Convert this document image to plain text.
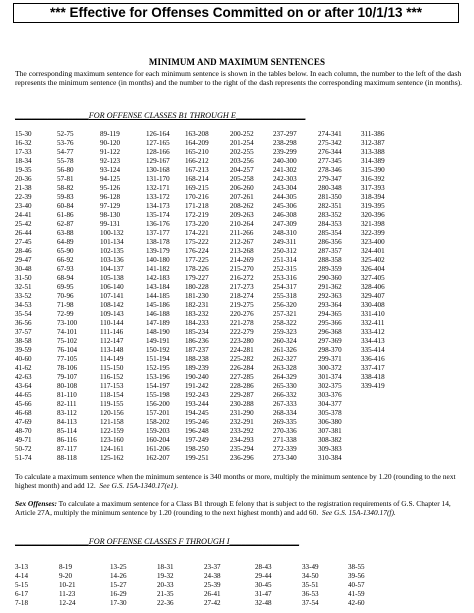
*** Effective for Offenses Committed on or after 10/1/13 ***
MINIMUM AND MAXIMUM SENTENCES
The corresponding maximum sentence for each minimum sentence is shown in the tables below. In each column, the number to the left of the dash represents the minimum sentence (in months) and the number to the right of the dash represents the corresponding maximum sentence (in months).
__________________FOR OFFENSE CLASSES B1 THROUGH E_________________
15-30
16-32
17-33
18-34
19-35
20-36
21-38
22-39
23-40
24-41
25-42
26-44
27-45
28-46
29-47
30-48
31-50
32-51
33-52
34-53
35-54
36-56
37-57
38-58
39-59
40-60
41-62
42-63
43-64
44-65
45-66
46-68
47-69
48-70
49-71
50-72
51-74
52-75
53-76
54-77
55-78
56-80
57-81
58-82
59-83
60-84
61-86
62-87
63-88
64-89
65-90
66-92
67-93
68-94
69-95
70-96
71-98
72-99
73-100
74-101
75-102
76-104
77-105
78-106
79-107
80-108
81-110
82-111
83-112
84-113
85-114
86-116
87-117
88-118
89-119
90-120
91-122
92-123
93-124
94-125
95-126
96-128
97-129
98-130
99-131
100-132
101-134
102-135
103-136
104-137
105-138
106-140
107-141
108-142
109-143
110-144
111-146
112-147
113-148
114-149
115-150
116-152
117-153
118-154
119-155
120-156
121-158
122-159
123-160
124-161
125-162
126-164
127-165
128-166
129-167
130-168
131-170
132-171
133-172
134-173
135-174
136-176
137-177
138-178
139-179
140-180
141-182
142-183
143-184
144-185
145-186
146-188
147-189
148-190
149-191
150-192
151-194
152-195
153-196
154-197
155-198
156-200
157-201
158-202
159-203
160-204
161-206
162-207
163-208
164-209
165-210
166-212
167-213
168-214
169-215
170-216
171-218
172-219
173-220
174-221
175-222
176-224
177-225
178-226
179-227
180-228
181-230
182-231
183-232
184-233
185-234
186-236
187-237
188-238
189-239
190-240
191-242
192-243
193-244
194-245
195-246
196-248
197-249
198-250
199-251
200-252
201-254
202-255
203-256
204-257
205-258
206-260
207-261
208-262
209-263
210-264
211-266
212-267
213-268
214-269
215-270
216-272
217-273
218-274
219-275
220-276
221-278
222-279
223-280
224-281
225-282
226-284
227-285
228-286
229-287
230-288
231-290
232-291
233-292
234-293
235-294
236-296
237-297
238-298
239-299
240-300
241-302
242-303
243-304
244-305
245-306
246-308
247-309
248-310
249-311
250-312
251-314
252-315
253-316
254-317
255-318
256-320
257-321
258-322
259-323
260-324
261-326
262-327
263-328
264-329
265-330
266-332
267-333
268-334
269-335
270-336
271-338
272-339
273-340
274-341
275-342
276-344
277-345
278-346
279-347
280-348
281-350
282-351
283-352
284-353
285-354
286-356
287-357
288-358
289-359
290-360
291-362
292-363
293-364
294-365
295-366
296-368
297-369
298-370
299-371
300-372
301-374
302-375
303-376
304-377
305-378
306-380
307-381
308-382
309-383
310-384
311-386
312-387
313-388
314-389
315-390
316-392
317-393
318-394
319-395
320-396
321-398
322-399
323-400
324-401
325-402
326-404
327-405
328-406
329-407
330-408
331-410
332-411
333-412
334-413
335-414
336-416
337-417
338-418
339-419
To calculate a maximum sentence when the minimum sentence is 340 months or more, multiply the minimum sentence by 1.20 (rounding to the next highest month) and add 12. See G.S. 15A-1340.17(e1).
Sex Offenses: To calculate a maximum sentence for a Class B1 through E felony that is subject to the registration requirements of G.S. Chapter 14, Article 27A, multiply the minimum sentence by 1.20 (rounding to the next highest month) and add 60. See G.S. 15A-1340.17(f).
__________________FOR OFFENSE CLASSES F THROUGH I_________________
3-13
4-14
5-15
6-17
7-18
8-19
9-20
10-21
11-23
12-24
13-25
14-26
15-27
16-29
17-30
18-31
19-32
20-33
21-35
22-36
23-37
24-38
25-39
26-41
27-42
28-43
29-44
30-45
31-47
32-48
33-49
34-50
35-51
36-53
37-54
38-55
39-56
40-57
41-59
42-60
